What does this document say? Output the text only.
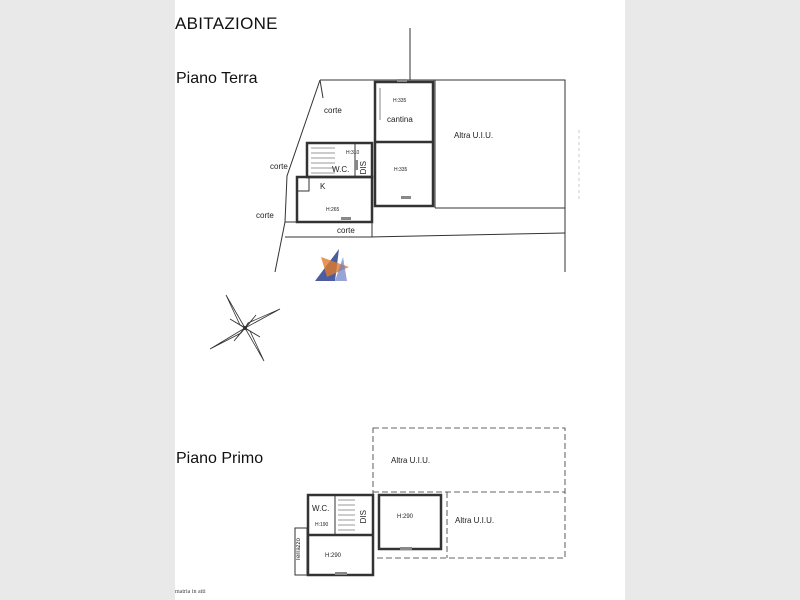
ABITAZIONE
Piano Terra
corte
corte
corte
corte
H:335
cantina
H:310
H:335
W.C. DIS
K
H:265
Altra U.I.U.
Piano Primo	Altra U.I.U.
Altra U.I.U.
W.C.
H:190
DIS	H:290
H:290
Terrazzo
matria in atti
